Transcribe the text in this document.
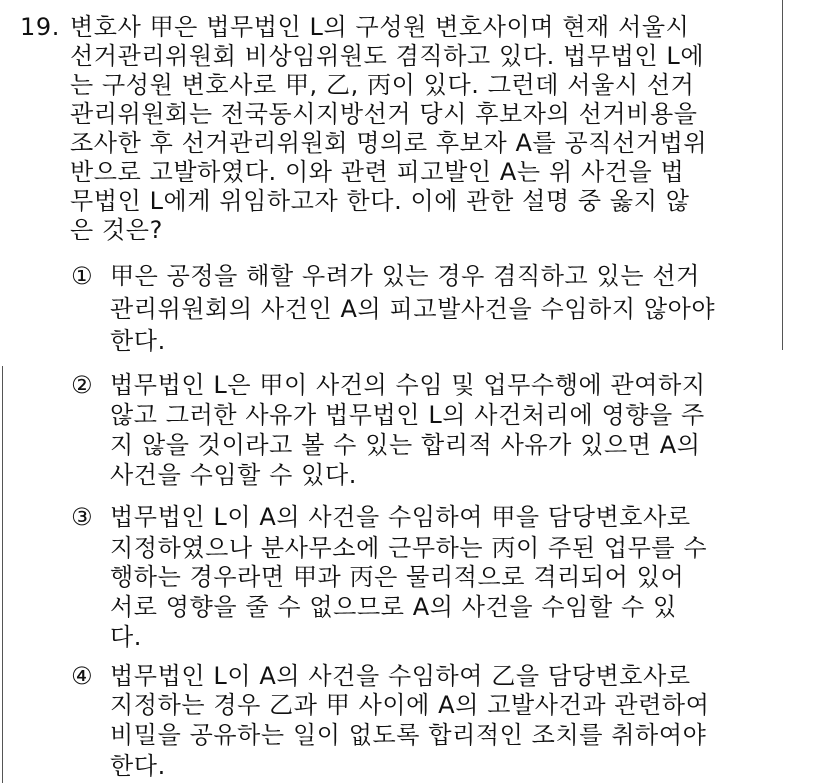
19. 변호사 甲은 법무법인 L의 구성원 변호사이며 현재 서울시
선거관리위원회 비상임위원도 겸직하고 있다. 법무법인 L에
는 구성원 변호사로 甲, 乙, 丙이 있다. 그런데 서울시 선거
관리위원회는 전국동시지방선거 당시 후보자의 선거비용을
조사한 후 선거관리위원회 명의로 후보자 A를 공직선거법위
반으로 고발하였다. 이와 관련 피고발인 A는 위 사건을 법
무법인 L에게 위임하고자 한다. 이에 관한 설명 중 옳지 않
은 것은?
① 甲은 공정을 해할 우려가 있는 경우 겸직하고 있는 선거
관리위원회의 사건인 A의 피고발사건을 수임하지 않아야
한다.
② 법무법인 L은 甲이 사건의 수임 및 업무수행에 관여하지
않고 그러한 사유가 법무법인 L의 사건처리에 영향을 주
지 않을 것이라고 볼 수 있는 합리적 사유가 있으면 A의
사건을 수임할 수 있다.
③ 법무법인 L이 A의 사건을 수임하여 甲을 담당변호사로
지정하였으나 분사무소에 근무하는 丙이 주된 업무를 수
행하는 경우라면 甲과 丙은 물리적으로 격리되어 있어
서로 영향을 줄 수 없으므로 A의 사건을 수임할 수 있
다.
④ 법무법인 L이 A의 사건을 수임하여 乙을 담당변호사로
지정하는 경우 乙과 甲 사이에 A의 고발사건과 관련하여
비밀을 공유하는 일이 없도록 합리적인 조치를 취하여야
한다.
